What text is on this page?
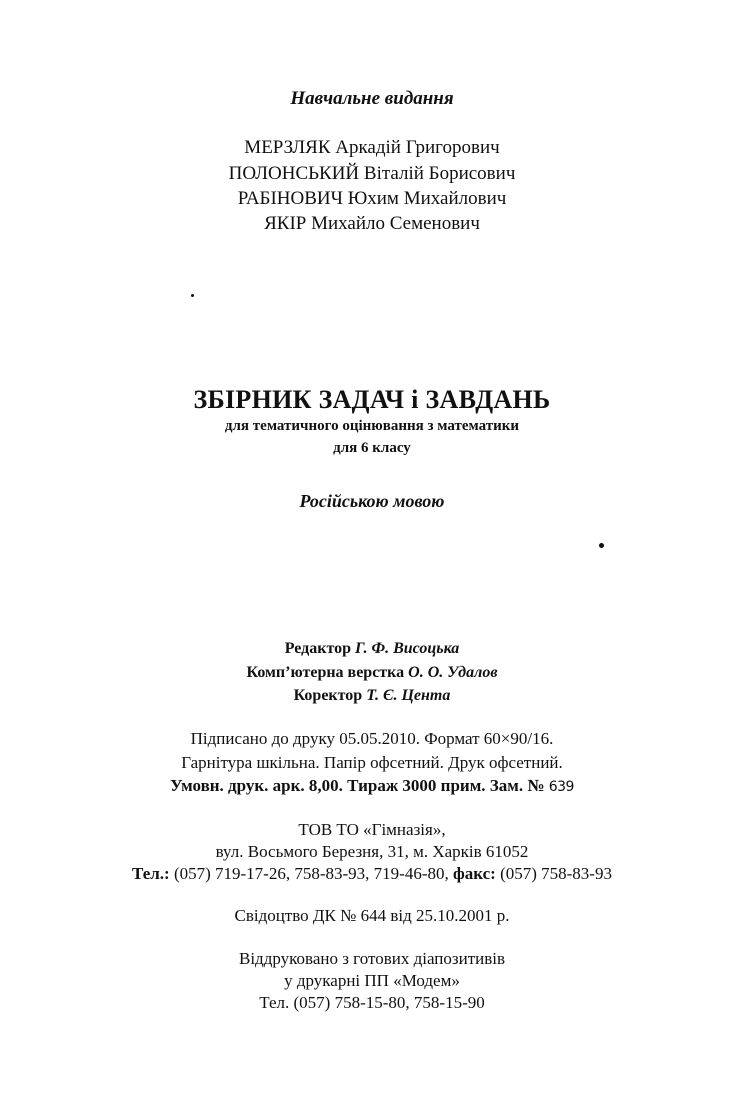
Навчальне видання
МЕРЗЛЯК Аркадій Григорович
ПОЛОНСЬКИЙ Віталій Борисович
РАБІНОВИЧ Юхим Михайлович
ЯКІР Михайло Семенович
ЗБІРНИК ЗАДАЧ і ЗАВДАНЬ
для тематичного оцінювання з математики
для 6 класу
Російською мовою
Редактор Г. Ф. Висоцька
Комп’ютерна верстка О. О. Удалов
Коректор Т. Є. Цента
Підписано до друку 05.05.2010. Формат 60×90/16.
Гарнітура шкільна. Папір офсетний. Друк офсетний.
Умовн. друк. арк. 8,00. Тираж 3000 прим. Зам. № 639
ТОВ ТО «Гімназія»,
вул. Восьмого Березня, 31, м. Харків 61052
Тел.: (057) 719-17-26, 758-83-93, 719-46-80, факс: (057) 758-83-93
Свідоцтво ДК № 644 від 25.10.2001 р.
Віддруковано з готових діапозитивів
у друкарні ПП «Модем»
Тел. (057) 758-15-80, 758-15-90
